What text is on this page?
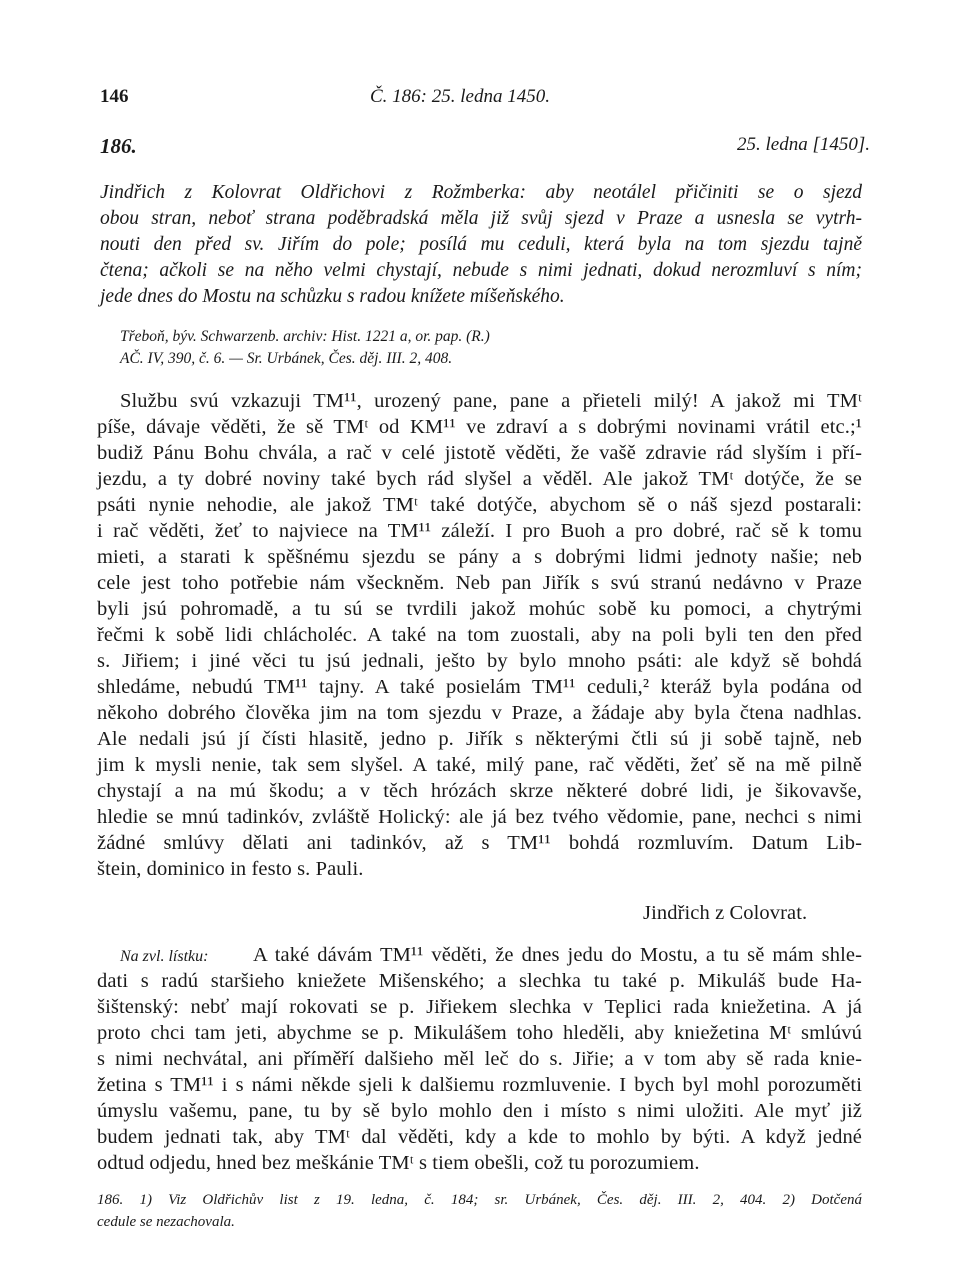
146	Č. 186: 25. ledna 1450.
186.	25. ledna [1450].
Jindřich z Kolovrat Oldřichovi z Rožmberka: aby neotálel přičiniti se o sjezd
obou stran, neboť strana poděbradská měla již svůj sjezd v Praze a usnesla se vytrh-
nouti den před sv. Jiřím do pole; posílá mu ceduli, která byla na tom sjezdu tajně
čtena; ačkoli se na něho velmi chystají, nebude s nimi jednati, dokud nerozmluví s ním;
jede dnes do Mostu na schůzku s radou knížete míšeňského.
Třeboň, býv. Schwarzenb. archiv: Hist. 1221 a, or. pap. (R.)
AČ. IV, 390, č. 6. — Sr. Urbánek, Čes. děj. III. 2, 408.
Službu svú vzkazuji TM¹¹, urozený pane, pane a přieteli milý! A jakož mi TMᵗ
píše, dávaje věděti, že sě TMᵗ od KM¹¹ ve zdraví a s dobrými novinami vrátil etc.;¹
budiž Pánu Bohu chvála, a rač v celé jistotě věděti, že vašě zdravie rád slyším i pří-
jezdu, a ty dobré noviny také bych rád slyšel a věděl. Ale jakož TMᵗ dotýče, že se
psáti nynie nehodie, ale jakož TMᵗ také dotýče, abychom sě o náš sjezd postarali:
i rač věděti, žeť to najviece na TM¹¹ záleží. I pro Buoh a pro dobré, rač sě k tomu
mieti, a starati k spěšnému sjezdu se pány a s dobrými lidmi jednoty našie; neb
cele jest toho potřebie nám všeckněm. Neb pan Jiřík s svú stranú nedávno v Praze
byli jsú pohromadě, a tu sú se tvrdili jakož mohúc sobě ku pomoci, a chytrými
řečmi k sobě lidi chlácholéc. A také na tom zuostali, aby na poli byli ten den před
s. Jiřiem; i jiné věci tu jsú jednali, ješto by bylo mnoho psáti: ale když sě bohdá
shledáme, nebudú TM¹¹ tajny. A také posielám TM¹¹ ceduli,² kteráž byla podána od
někoho dobrého člověka jim na tom sjezdu v Praze, a žádaje aby byla čtena nadhlas.
Ale nedali jsú jí čísti hlasitě, jedno p. Jiřík s některými čtli sú ji sobě tajně, neb
jim k mysli nenie, tak sem slyšel. A také, milý pane, rač věděti, žeť sě na mě pilně
chystají a na mú škodu; a v těch hrózách skrze některé dobré lidi, je šikovavše,
hledie se mnú tadinkóv, zvláště Holický: ale já bez tvého vědomie, pane, nechci s nimi
žádné smlúvy dělati ani tadinkóv, až s TM¹¹ bohdá rozmluvím. Datum Lib-
štein, dominico in festo s. Pauli.
Jindřich z Colovrat.
Na zvl. lístku: A také dávám TM¹¹ věděti, že dnes jedu do Mostu, a tu sě mám shle-
dati s radú staršieho kniežete Mišenského; a slechka tu také p. Mikuláš bude Ha-
šištenský: nebť mají rokovati se p. Jiřiekem slechka v Teplici rada kniežetina. A já
proto chci tam jeti, abychme se p. Mikulášem toho hleděli, aby kniežetina Mᵗ smlúvú
s nimi nechvátal, ani příměří dalšieho měl leč do s. Jiřie; a v tom aby sě rada knie-
žetina s TM¹¹ i s námi někde sjeli k dalšiemu rozmluvenie. I bych byl mohl porozuměti
úmyslu vašemu, pane, tu by sě bylo mohlo den i místo s nimi uložiti. Ale myť již
budem jednati tak, aby TMᵗ dal věděti, kdy a kde to mohlo by býti. A když jedné
odtud odjedu, hned bez meškánie TMᵗ s tiem obešli, což tu porozumiem.
186. 1) Viz Oldřichův list z 19. ledna, č. 184; sr. Urbánek, Čes. děj. III. 2, 404. 2) Dotčená
cedule se nezachovala.
